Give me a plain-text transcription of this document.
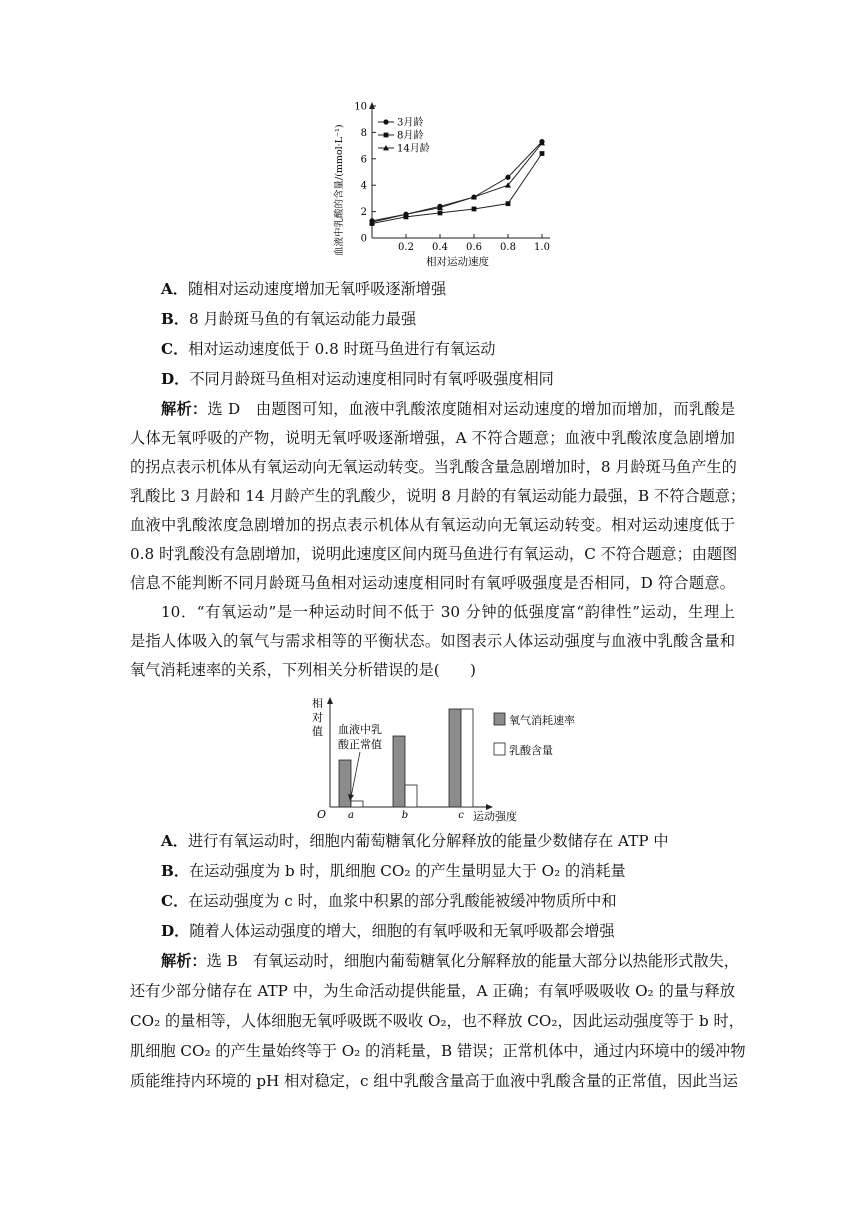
血液中乳酸的含量/(mmol·L⁻¹) 0
2
4
6
8
10
0.2 0.4 0.6 0.8 1.0
3月龄
8月龄
14月龄
相对运动速度
A．随相对运动速度增加无氧呼吸逐渐增强
B．8 月龄斑马鱼的有氧运动能力最强
C．相对运动速度低于 0.8 时斑马鱼进行有氧运动
D．不同月龄斑马鱼相对运动速度相同时有氧呼吸强度相同
解析：选 D　由题图可知，血液中乳酸浓度随相对运动速度的增加而增加，而乳酸是
人体无氧呼吸的产物，说明无氧呼吸逐渐增强，A 不符合题意；血液中乳酸浓度急剧增加
的拐点表示机体从有氧运动向无氧运动转变。当乳酸含量急剧增加时，8 月龄斑马鱼产生的
乳酸比 3 月龄和 14 月龄产生的乳酸少，说明 8 月龄的有氧运动能力最强，B 不符合题意；
血液中乳酸浓度急剧增加的拐点表示机体从有氧运动向无氧运动转变。相对运动速度低于
0.8 时乳酸没有急剧增加，说明此速度区间内斑马鱼进行有氧运动，C 不符合题意；由题图
信息不能判断不同月龄斑马鱼相对运动速度相同时有氧呼吸强度是否相同，D 符合题意。
10．“有氧运动”是一种运动时间不低于 30 分钟的低强度富“韵律性”运动，生理上
是指人体吸入的氧气与需求相等的平衡状态。如图表示人体运动强度与血液中乳酸含量和
氧气消耗速率的关系，下列相关分析错误的是(　　)
相对值
O a	b	c
血液中乳酸正常值
氧气消耗速率
乳酸含量
运动强度
A．进行有氧运动时，细胞内葡萄糖氧化分解释放的能量少数储存在 ATP 中
B．在运动强度为 b 时，肌细胞 CO₂ 的产生量明显大于 O₂ 的消耗量
C．在运动强度为 c 时，血浆中积累的部分乳酸能被缓冲物质所中和
D．随着人体运动强度的增大，细胞的有氧呼吸和无氧呼吸都会增强
解析：选 B　有氧运动时，细胞内葡萄糖氧化分解释放的能量大部分以热能形式散失，
还有少部分储存在 ATP 中，为生命活动提供能量，A 正确；有氧呼吸吸收 O₂ 的量与释放
CO₂ 的量相等，人体细胞无氧呼吸既不吸收 O₂，也不释放 CO₂，因此运动强度等于 b 时，
肌细胞 CO₂ 的产生量始终等于 O₂ 的消耗量，B 错误；正常机体中，通过内环境中的缓冲物
质能维持内环境的 pH 相对稳定，c 组中乳酸含量高于血液中乳酸含量的正常值，因此当运
